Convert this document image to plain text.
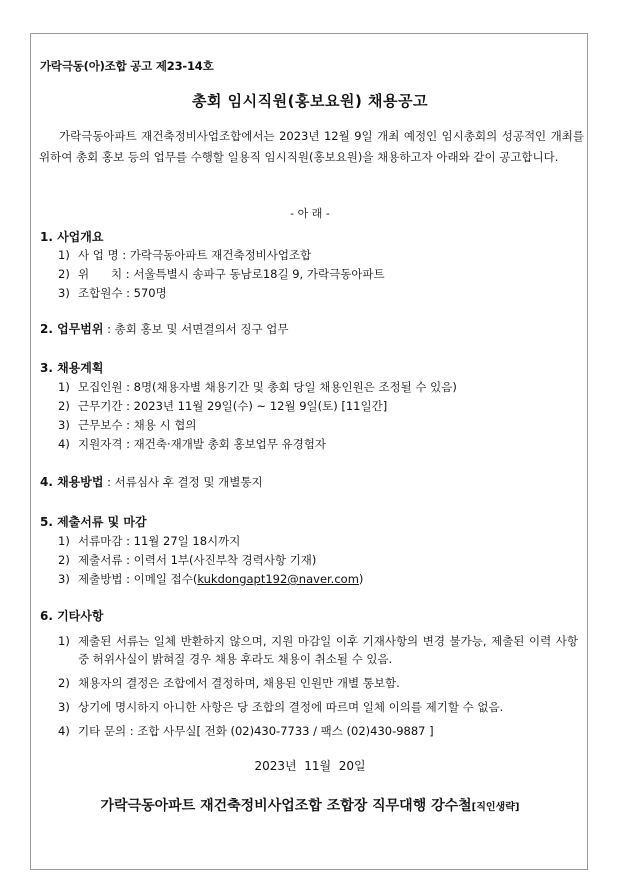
가락극동(아)조합 공고 제23-14호
총회 임시직원(홍보요원) 채용공고
가락극동아파트 재건축정비사업조합에서는 2023년 12월 9일 개최 예정인 임시총회의 성공적인 개최를 위하여 총회 홍보 등의 업무를 수행할 일용직 임시직원(홍보요원)을 채용하고자 아래와 같이 공고합니다.
- 아 래 -
1. 사업개요
1) 사 업 명 : 가락극동아파트 재건축정비사업조합
2) 위      치 : 서울특별시 송파구 동남로18길 9, 가락극동아파트
3) 조합원수 : 570명
2. 업무범위 : 총회 홍보 및 서면결의서 징구 업무
3. 채용계획
1) 모집인원 : 8명(채용자별 채용기간 및 총회 당일 채용인원은 조정될 수 있음)
2) 근무기간 : 2023년 11월 29일(수) ~ 12월 9일(토) [11일간]
3) 근무보수 : 채용 시 협의
4) 지원자격 : 재건축·재개발 총회 홍보업무 유경험자
4. 채용방법 : 서류심사 후 결정 및 개별통지
5. 제출서류 및 마감
1) 서류마감 : 11월 27일 18시까지
2) 제출서류 : 이력서 1부(사진부착 경력사항 기재)
3) 제출방법 : 이메일 접수(kukdongapt192@naver.com)
6. 기타사항
1) 제출된 서류는 일체 반환하지 않으며, 지원 마감일 이후 기재사항의 변경 불가능, 제출된 이력 사항 중 허위사실이 밝혀질 경우 채용 후라도 채용이 취소될 수 있음.
2) 채용자의 결정은 조합에서 결정하며, 채용된 인원만 개별 통보함.
3) 상기에 명시하지 아니한 사항은 당 조합의 결정에 따르며 일체 이의를 제기할 수 없음.
4) 기타 문의 : 조합 사무실[ 전화 (02)430-7733 / 팩스 (02)430-9887 ]
2023년  11월  20일
가락극동아파트 재건축정비사업조합 조합장 직무대행 강수철[직인생략]
